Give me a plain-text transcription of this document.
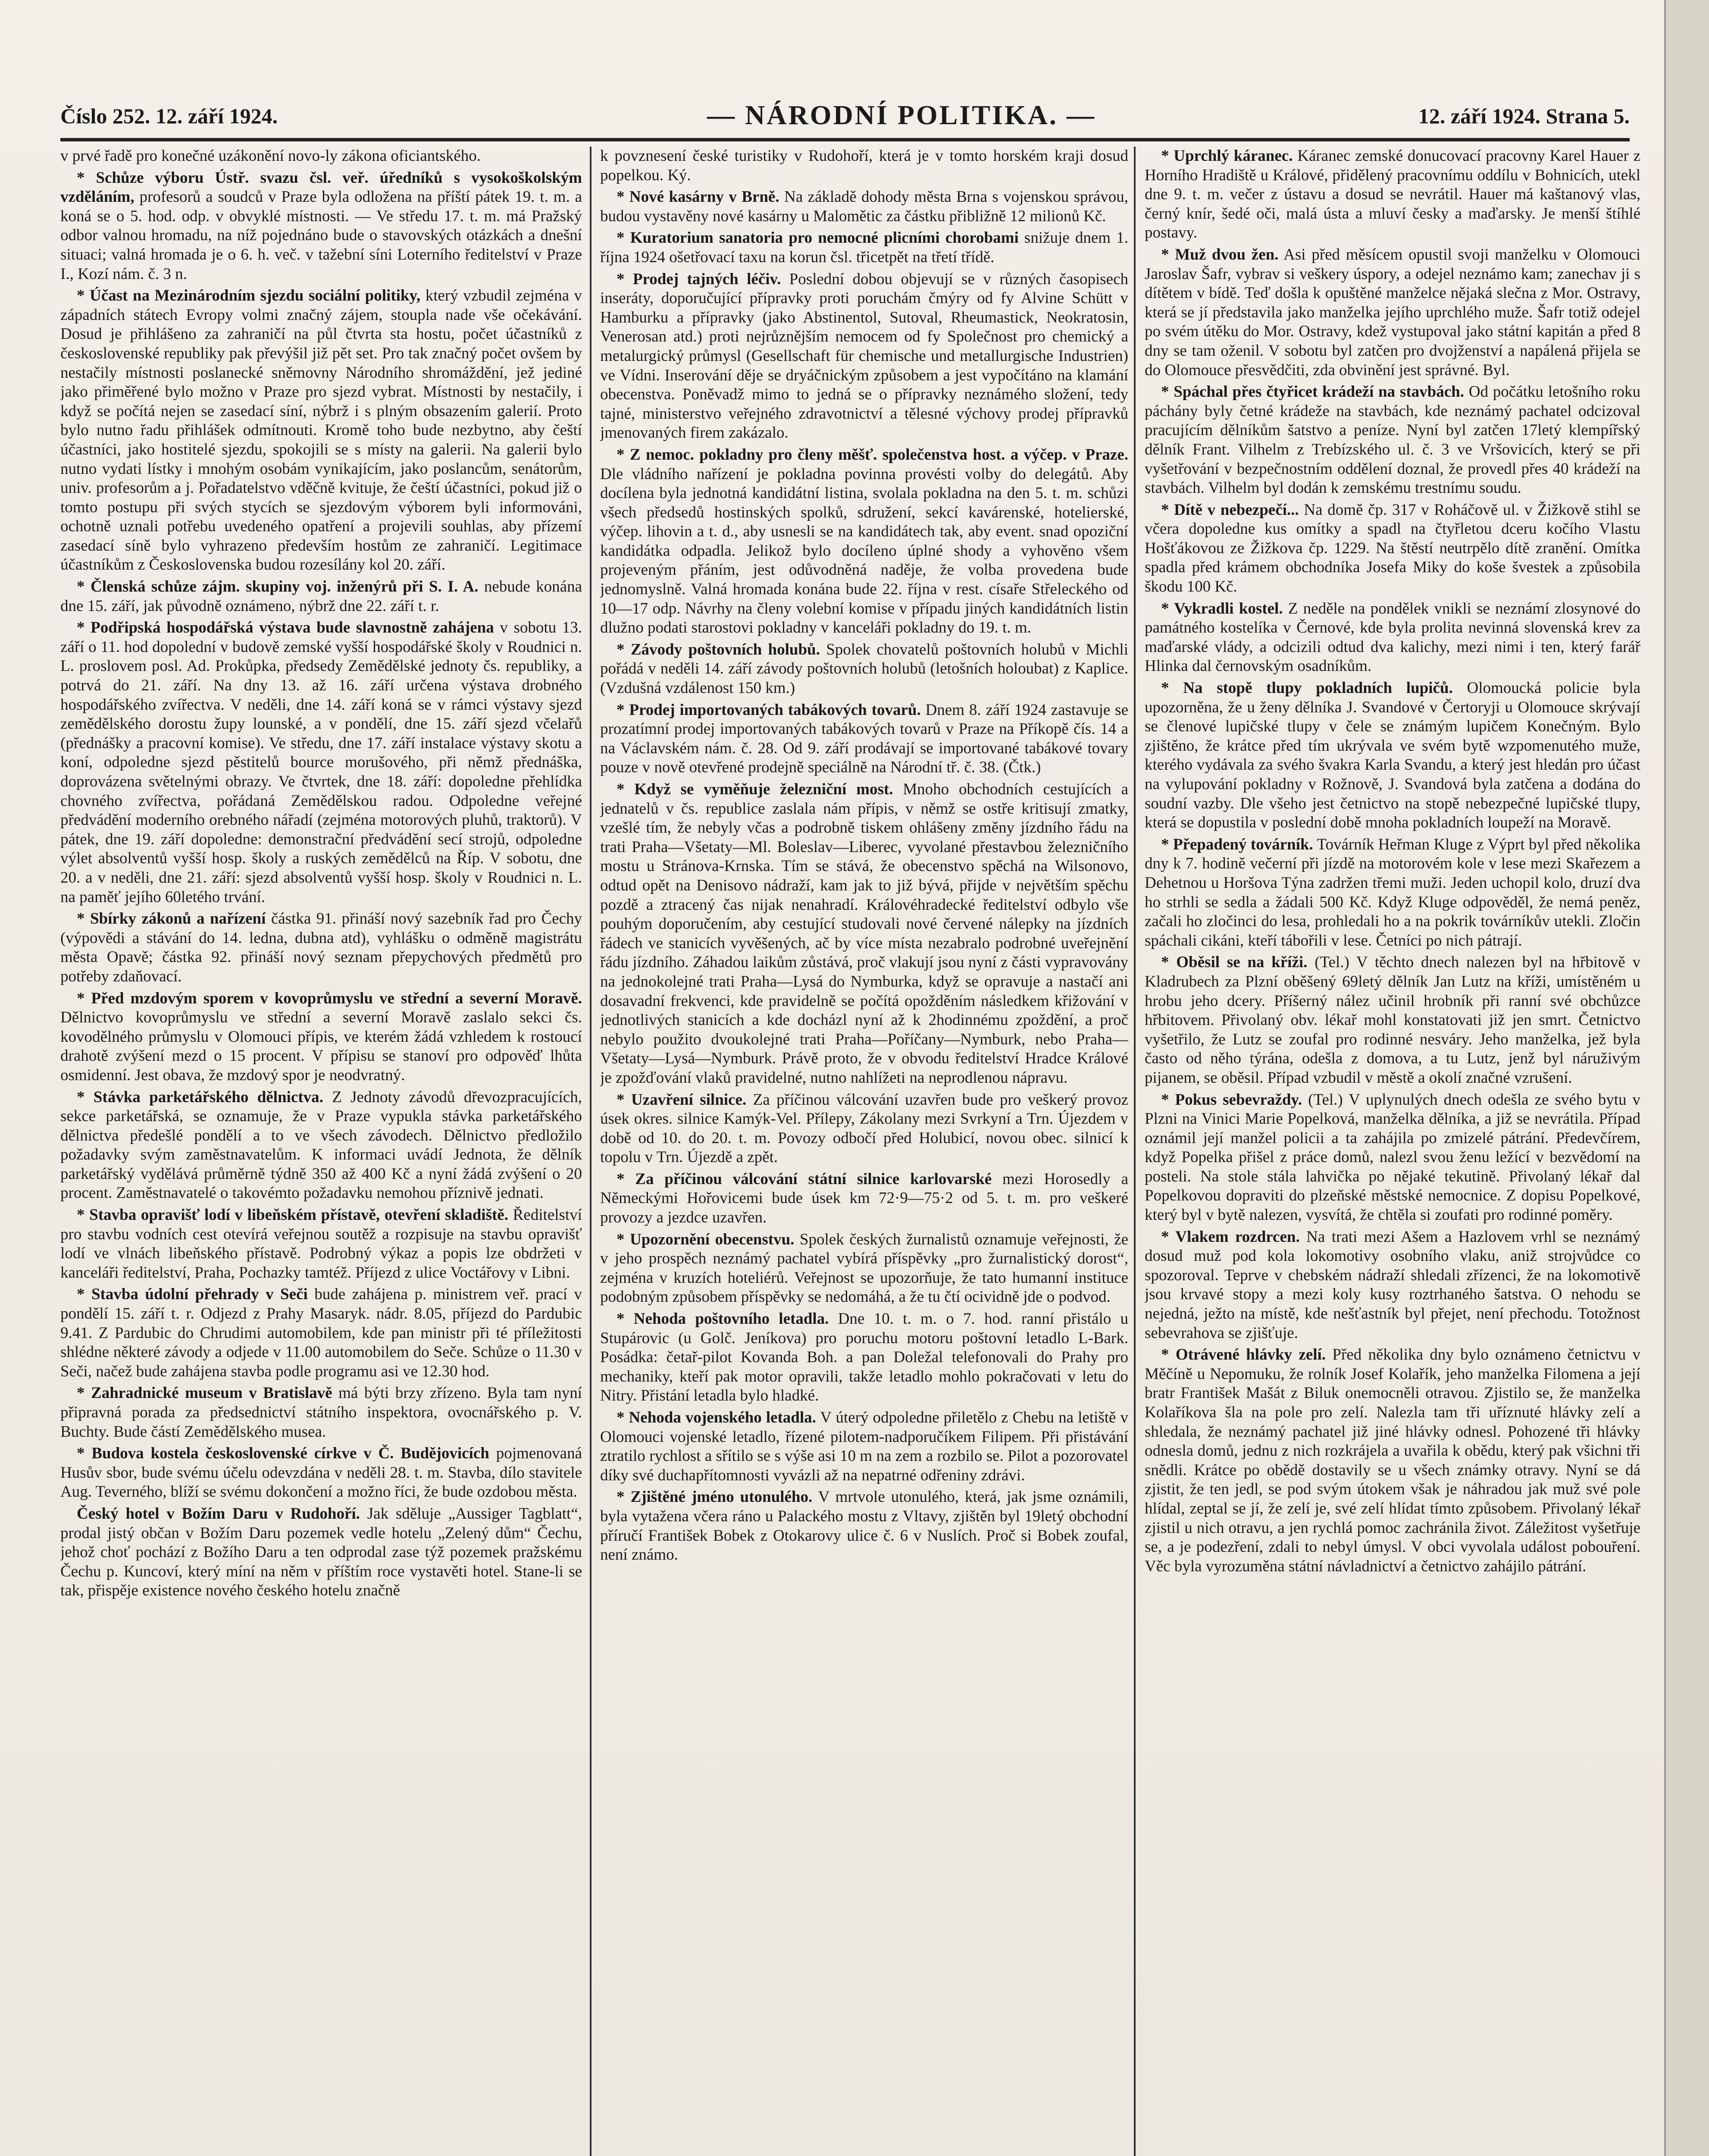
Číslo 252. 12. září 1924.	— NÁRODNÍ POLITIKA. —	12. září 1924. Strana 5.

v prvé řadě pro konečné uzákonění novo-ly zákona oficiantského.

* Schůze výboru Ústř. svazu čsl. veř. úředníků s vysokoškolským vzděláním, profesorů a soudců v Praze byla odložena na příští pátek 19. t. m. a koná se o 5. hod. odp. v obvyklé místnosti. — Ve středu 17. t. m. má Pražský odbor valnou hromadu, na níž pojednáno bude o stavovských otázkách a dnešní situaci; valná hromada je o 6. h. več. v tažební síni Loterního ředitelství v Praze I., Kozí nám. č. 3 n.

* Účast na Mezinárodním sjezdu sociální politiky, který vzbudil zejména v západních státech Evropy volmi značný zájem, stoupla nade vše očekávání. Dosud je přihlášeno za zahraničí na půl čtvrta sta hostu, počet účastníků z československé republiky pak převýšil již pět set. Pro tak značný počet ovšem by nestačily místnosti poslanecké sněmovny Národního shromáždění, jež jediné jako přiměřené bylo možno v Praze pro sjezd vybrat. Místnosti by nestačily, i když se počítá nejen se zasedací síní, nýbrž i s plným obsazením galerií. Proto bylo nutno řadu přihlášek odmítnouti. Kromě toho bude nezbytno, aby čeští účastníci, jako hostitelé sjezdu, spokojili se s místy na galerii. Na galerii bylo nutno vydati lístky i mnohým osobám vynikajícím, jako poslancům, senátorům, univ. profesorům a j. Pořadatelstvo vděčně kvituje, že čeští účastníci, pokud již o tomto postupu při svých stycích se sjezdovým výborem byli informováni, ochotně uznali potřebu uvedeného opatření a projevili souhlas, aby přízemí zasedací síně bylo vyhrazeno především hostům ze zahraničí. Legitimace účastníkům z Československa budou rozesílány kol 20. září.

* Členská schůze zájm. skupiny voj. inženýrů při S. I. A. nebude konána dne 15. září, jak původně oznámeno, nýbrž dne 22. září t. r.

* Podřipská hospodářská výstava bude slavnostně zahájena v sobotu 13. září o 11. hod dopolední v budově zemské vyšší hospodářské školy v Roudnici n. L. proslovem posl. Ad. Prokůpka, předsedy Zemědělské jednoty čs. republiky, a potrvá do 21. září. Na dny 13. až 16. září určena výstava drobného hospodářského zvířectva. V neděli, dne 14. září koná se v rámci výstavy sjezd zemědělského dorostu župy lounské, a v pondělí, dne 15. září sjezd včelařů (přednášky a pracovní komise). Ve středu, dne 17. září instalace výstavy skotu a koní, odpoledne sjezd pěstitelů bource morušového, při němž přednáška, doprovázena světelnými obrazy. Ve čtvrtek, dne 18. září: dopoledne přehlídka chovného zvířectva, pořádaná Zemědělskou radou. Odpoledne veřejné předvádění moderního orebného nářadí (zejména motorových pluhů, traktorů). V pátek, dne 19. září dopoledne: demonstrační předvádění secí strojů, odpoledne výlet absolventů vyšší hosp. školy a ruských zemědělců na Říp. V sobotu, dne 20. a v neděli, dne 21. září: sjezd absolventů vyšší hosp. školy v Roudnici n. L. na paměť jejího 60letého trvání.

* Sbírky zákonů a nařízení částka 91. přináší nový sazebník řad pro Čechy (výpovědi a stávání do 14. ledna, dubna atd), vyhlášku o odměně magistrátu města Opavě; částka 92. přináší nový seznam přepychových předmětů pro potřeby zdaňovací.

* Před mzdovým sporem v kovoprůmyslu ve střední a severní Moravě. Dělnictvo kovoprůmyslu ve střední a severní Moravě zaslalo sekci čs. kovodělného průmyslu v Olomouci přípis, ve kterém žádá vzhledem k rostoucí drahotě zvýšení mezd o 15 procent. V přípisu se stanoví pro odpověď lhůta osmidenní. Jest obava, že mzdový spor je neodvratný.

* Stávka parketářského dělnictva. Z Jednoty závodů dřevozpracujících, sekce parketářská, se oznamuje, že v Praze vypukla stávka parketářského dělnictva předešlé pondělí a to ve všech závodech. Dělnictvo předložilo požadavky svým zaměstnavatelům. K informaci uvádí Jednota, že dělník parketářský vydělává průměrně týdně 350 až 400 Kč a nyní žádá zvýšení o 20 procent. Zaměstnavatelé o takovémto požadavku nemohou příznivě jednati.

* Stavba opravišť lodí v libeňském přístavě, otevření skladiště. Ředitelství pro stavbu vodních cest otevírá veřejnou soutěž a rozpisuje na stavbu opravišť lodí ve vlnách libeňského přístavě. Podrobný výkaz a popis lze obdržeti v kanceláři ředitelství, Praha, Pochazky tamtéž. Příjezd z ulice Voctářovy v Libni.

* Stavba údolní přehrady v Seči bude zahájena p. ministrem veř. prací v pondělí 15. září t. r. Odjezd z Prahy Masaryk. nádr. 8.05, příjezd do Pardubic 9.41. Z Pardubic do Chrudimi automobilem, kde pan ministr při té příležitosti shlédne některé závody a odjede v 11.00 automobilem do Seče. Schůze o 11.30 v Seči, načež bude zahájena stavba podle programu asi ve 12.30 hod.

* Zahradnické museum v Bratislavě má býti brzy zřízeno. Byla tam nyní připravná porada za předsednictví státního inspektora, ovocnářského p. V. Buchty. Bude částí Zemědělského musea.

* Budova kostela československé církve v Č. Budějovicích pojmenovaná Husův sbor, bude svému účelu odevzdána v neděli 28. t. m. Stavba, dílo stavitele Aug. Teverného, blíží se svému dokončení a možno říci, že bude ozdobou města.

Český hotel v Božím Daru v Rudohoří. Jak sděluje „Aussiger Tagblatt“, prodal jistý občan v Božím Daru pozemek vedle hotelu „Zelený dům“ Čechu, jehož choť pochází z Božího Daru a ten odprodal zase týž pozemek pražskému Čechu p. Kuncoví, který míní na něm v příštím roce vystavěti hotel. Stane-li se tak, přispěje existence nového českého hotelu značně

k povznesení české turistiky v Rudohoří, která je v tomto horském kraji dosud popelkou. Ký.

* Nové kasárny v Brně. Na základě dohody města Brna s vojenskou správou, budou vystavěny nové kasárny u Malomětic za částku přibližně 12 milionů Kč.

* Kuratorium sanatoria pro nemocné plicními chorobami snižuje dnem 1. října 1924 ošetřovací taxu na korun čsl. třicetpět na třetí třídě.

* Prodej tajných léčiv. Poslední dobou objevují se v různých časopisech inseráty, doporučující přípravky proti poruchám čmýry od fy Alvine Schütt v Hamburku a přípravky (jako Abstinentol, Sutoval, Rheumastick, Neokratosin, Venerosan atd.) proti nejrůznějším nemocem od fy Společnost pro chemický a metalurgický průmysl (Gesellschaft für chemische und metallurgische Industrien) ve Vídni. Inserování děje se dryáčnickým způsobem a jest vypočítáno na klamání obecenstva. Poněvadž mimo to jedná se o přípravky neznámého složení, tedy tajné, ministerstvo veřejného zdravotnictví a tělesné výchovy prodej přípravků jmenovaných firem zakázalo.

* Z nemoc. pokladny pro členy měšť. společenstva host. a výčep. v Praze. Dle vládního nařízení je pokladna povinna provésti volby do delegátů. Aby docílena byla jednotná kandidátní listina, svolala pokladna na den 5. t. m. schůzi všech předsedů hostinských spolků, sdružení, sekcí kavárenské, hotelierské, výčep. lihovin a t. d., aby usnesli se na kandidátech tak, aby event. snad opoziční kandidátka odpadla. Jelikož bylo docíleno úplné shody a vyhověno všem projeveným přáním, jest odůvodněná naděje, že volba provedena bude jednomyslně. Valná hromada konána bude 22. října v rest. císaře Střeleckého od 10—17 odp. Návrhy na členy volební komise v případu jiných kandidátních listin dlužno podati starostovi pokladny v kanceláři pokladny do 19. t. m.

* Závody poštovních holubů. Spolek chovatelů poštovních holubů v Michli pořádá v neděli 14. září závody poštovních holubů (letošních holoubat) z Kaplice. (Vzdušná vzdálenost 150 km.)

* Prodej importovaných tabákových tovarů. Dnem 8. září 1924 zastavuje se prozatímní prodej importovaných tabákových tovarů v Praze na Příkopě čís. 14 a na Václavském nám. č. 28. Od 9. září prodávají se importované tabákové tovary pouze v nově otevřené prodejně speciálně na Národní tř. č. 38. (Čtk.)

* Když se vyměňuje železniční most. Mnoho obchodních cestujících a jednatelů v čs. republice zaslala nám přípis, v němž se ostře kritisují zmatky, vzešlé tím, že nebyly včas a podrobně tiskem ohlášeny změny jízdního řádu na trati Praha—Všetaty—Ml. Boleslav—Liberec, vyvolané přestavbou železničního mostu u Stránova-Krnska. Tím se stává, že obecenstvo spěchá na Wilsonovo, odtud opět na Denisovo nádraží, kam jak to již bývá, přijde v největším spěchu pozdě a ztracený čas nijak nenahradí. Královéhradecké ředitelství odbylo vše pouhým doporučením, aby cestující studovali nové červené nálepky na jízdních řádech ve stanicích vyvěšených, ač by více místa nezabralo podrobné uveřejnění řádu jízdního. Záhadou laikům zůstává, proč vlakují jsou nyní z části vypravovány na jednokolejné trati Praha—Lysá do Nymburka, když se opravuje a nastačí ani dosavadní frekvenci, kde pravidelně se počítá opožděním následkem křižování v jednotlivých stanicích a kde docházl nyní až k 2hodinnému zpoždění, a proč nebylo použito dvoukolejné trati Praha—Poříčany—Nymburk, nebo Praha—Všetaty—Lysá—Nymburk. Právě proto, že v obvodu ředitelství Hradce Králové je zpožďování vlaků pravidelné, nutno nahlížeti na neprodlenou nápravu.

* Uzavření silnice. Za příčinou válcování uzavřen bude pro veškerý provoz úsek okres. silnice Kamýk-Vel. Přílepy, Zákolany mezi Svrkyní a Trn. Újezdem v době od 10. do 20. t. m. Povozy odbočí před Holubicí, novou obec. silnicí k topolu v Trn. Újezdě a zpět.

* Za příčinou válcování státní silnice karlovarské mezi Horosedly a Německými Hořovicemi bude úsek km 72·9—75·2 od 5. t. m. pro veškeré provozy a jezdce uzavřen.

* Upozornění obecenstvu. Spolek českých žurnalistů oznamuje veřejnosti, že v jeho prospěch neznámý pachatel vybírá příspěvky „pro žurnalistický dorost“, zejména v kruzích hoteliérů. Veřejnost se upozorňuje, že tato humanní instituce podobným způsobem příspěvky se nedomáhá, a že tu čtí ocividně jde o podvod.

* Nehoda poštovního letadla. Dne 10. t. m. o 7. hod. ranní přistálo u Stupárovic (u Golč. Jeníkova) pro poruchu motoru poštovní letadlo L-Bark. Posádka: četař-pilot Kovanda Boh. a pan Doležal telefonovali do Prahy pro mechaniky, kteří pak motor opravili, takže letadlo mohlo pokračovati v letu do Nitry. Přistání letadla bylo hladké.

* Nehoda vojenského letadla. V úterý odpoledne přiletělo z Chebu na letiště v Olomouci vojenské letadlo, řízené pilotem-nadporučíkem Filipem. Při přistávání ztratilo rychlost a sřítilo se s výše asi 10 m na zem a rozbilo se. Pilot a pozorovatel díky své duchapřítomnosti vyvázli až na nepatrné odřeniny zdrávi.

* Zjištěné jméno utonulého. V mrtvole utonulého, která, jak jsme oznámili, byla vytažena včera ráno u Palackého mostu z Vltavy, zjištěn byl 19letý obchodní příručí František Bobek z Otokarovy ulice č. 6 v Nuslích. Proč si Bobek zoufal, není známo.

* Uprchlý káranec. Káranec zemské donucovací pracovny Karel Hauer z Horního Hradiště u Králové, přidělený pracovnímu oddílu v Bohnicích, utekl dne 9. t. m. večer z ústavu a dosud se nevrátil. Hauer má kaštanový vlas, černý knír, šedé oči, malá ústa a mluví česky a maďarsky. Je menší štíhlé postavy.

* Muž dvou žen. Asi před měsícem opustil svoji manželku v Olomouci Jaroslav Šafr, vybrav si veškery úspory, a odejel neznámo kam; zanechav ji s dítětem v bídě. Teď došla k opuštěné manželce nějaká slečna z Mor. Ostravy, která se jí představila jako manželka jejího uprchlého muže. Šafr totiž odejel po svém útěku do Mor. Ostravy, kdež vystupoval jako státní kapitán a před 8 dny se tam oženil. V sobotu byl zatčen pro dvojženství a napálená přijela se do Olomouce přesvědčiti, zda obvinění jest správné. Byl.

* Spáchal přes čtyřicet krádeží na stavbách. Od počátku letošního roku páchány byly četné krádeže na stavbách, kde neznámý pachatel odcizoval pracujícím dělníkům šatstvo a peníze. Nyní byl zatčen 17letý klempířský dělník Frant. Vilhelm z Trebízského ul. č. 3 ve Vršovicích, který se při vyšetřování v bezpečnostním oddělení doznal, že provedl přes 40 krádeží na stavbách. Vilhelm byl dodán k zemskému trestnímu soudu.

* Dítě v nebezpečí... Na domě čp. 317 v Roháčově ul. v Žižkově stihl se včera dopoledne kus omítky a spadl na čtyřletou dceru kočího Vlastu Hošťákovou ze Žižkova čp. 1229. Na štěstí neutrpělo dítě zranění. Omítka spadla před krámem obchodníka Josefa Miky do koše švestek a způsobila škodu 100 Kč.

* Vykradli kostel. Z neděle na pondělek vnikli se neznámí zlosynové do památného kostelíka v Černové, kde byla prolita nevinná slovenská krev za maďarské vlády, a odcizili odtud dva kalichy, mezi nimi i ten, který farář Hlinka dal černovským osadníkům.

* Na stopě tlupy pokladních lupičů. Olomoucká policie byla upozorněna, že u ženy dělníka J. Svandové v Čertoryji u Olomouce skrývají se členové lupičské tlupy v čele se známým lupičem Konečným. Bylo zjištěno, že krátce před tím ukrývala ve svém bytě wzpomenutého muže, kterého vydávala za svého švakra Karla Svandu, a který jest hledán pro účast na vylupování pokladny v Rožnově, J. Svandová byla zatčena a dodána do soudní vazby. Dle všeho jest četnictvo na stopě nebezpečné lupičské tlupy, která se dopustila v poslední době mnoha pokladních loupeží na Moravě.

* Přepadený továrník. Továrník Heřman Kluge z Výprt byl před několika dny k 7. hodině večerní při jízdě na motorovém kole v lese mezi Skařezem a Dehetnou u Horšova Týna zadržen třemi muži. Jeden uchopil kolo, druzí dva ho strhli se sedla a žádali 500 Kč. Když Kluge odpověděl, že nemá peněz, začali ho zločinci do lesa, prohledali ho a na pokrik továrníkův utekli. Zločin spáchali cikáni, kteří tábořili v lese. Četníci po nich pátrají.

* Oběsil se na kříži. (Tel.) V těchto dnech nalezen byl na hřbitově v Kladrubech za Plzní oběšený 69letý dělník Jan Lutz na kříži, umístěném u hrobu jeho dcery. Příšerný nález učinil hrobník při ranní své obchůzce hřbitovem. Přivolaný obv. lékař mohl konstatovati již jen smrt. Četnictvo vyšetřilo, že Lutz se zoufal pro rodinné nesváry. Jeho manželka, jež byla často od něho týrána, odešla z domova, a tu Lutz, jenž byl náruživým pijanem, se oběsil. Případ vzbudil v městě a okolí značné vzrušení.

* Pokus sebevraždy. (Tel.) V uplynulých dnech odešla ze svého bytu v Plzni na Vinici Marie Popelková, manželka dělníka, a již se nevrátila. Případ oznámil její manžel policii a ta zahájila po zmizelé pátrání. Předevčírem, když Popelka přišel z práce domů, nalezl svou ženu ležící v bezvědomí na posteli. Na stole stála lahvička po nějaké tekutině. Přivolaný lékař dal Popelkovou dopraviti do plzeňské městské nemocnice. Z dopisu Popelkové, který byl v bytě nalezen, vysvítá, že chtěla si zoufati pro rodinné poměry.

* Vlakem rozdrcen. Na trati mezi Ašem a Hazlovem vrhl se neznámý dosud muž pod kola lokomotivy osobního vlaku, aniž strojvůdce co spozoroval. Teprve v chebském nádraží shledali zřízenci, že na lokomotivě jsou krvavé stopy a mezi koly kusy roztrhaného šatstva. O nehodu se nejedná, ježto na místě, kde nešťastník byl přejet, není přechodu. Totožnost sebevrahova se zjišťuje.

* Otrávené hlávky zelí. Před několika dny bylo oznámeno četnictvu v Měčíně u Nepomuku, že rolník Josef Kolařík, jeho manželka Filomena a její bratr František Mašát z Biluk onemocněli otravou. Zjistilo se, že manželka Kolaříkova šla na pole pro zelí. Nalezla tam tři uříznuté hlávky zelí a shledala, že neznámý pachatel již jiné hlávky odnesl. Pohozené tři hlávky odnesla domů, jednu z nich rozkrájela a uvařila k obědu, který pak všichni tři snědli. Krátce po obědě dostavily se u všech známky otravy. Nyní se dá zjistit, že ten jedl, se pod svým útokem však je náhradou jak muž své pole hlídal, zeptal se jí, že zelí je, své zelí hlídat tímto způsobem. Přivolaný lékař zjistil u nich otravu, a jen rychlá pomoc zachránila život. Záležitost vyšetřuje se, a je podezření, zdali to nebyl úmysl. V obci vyvolala událost pobouření. Věc byla vyrozuměna státní návladnictví a četnictvo zahájilo pátrání.
